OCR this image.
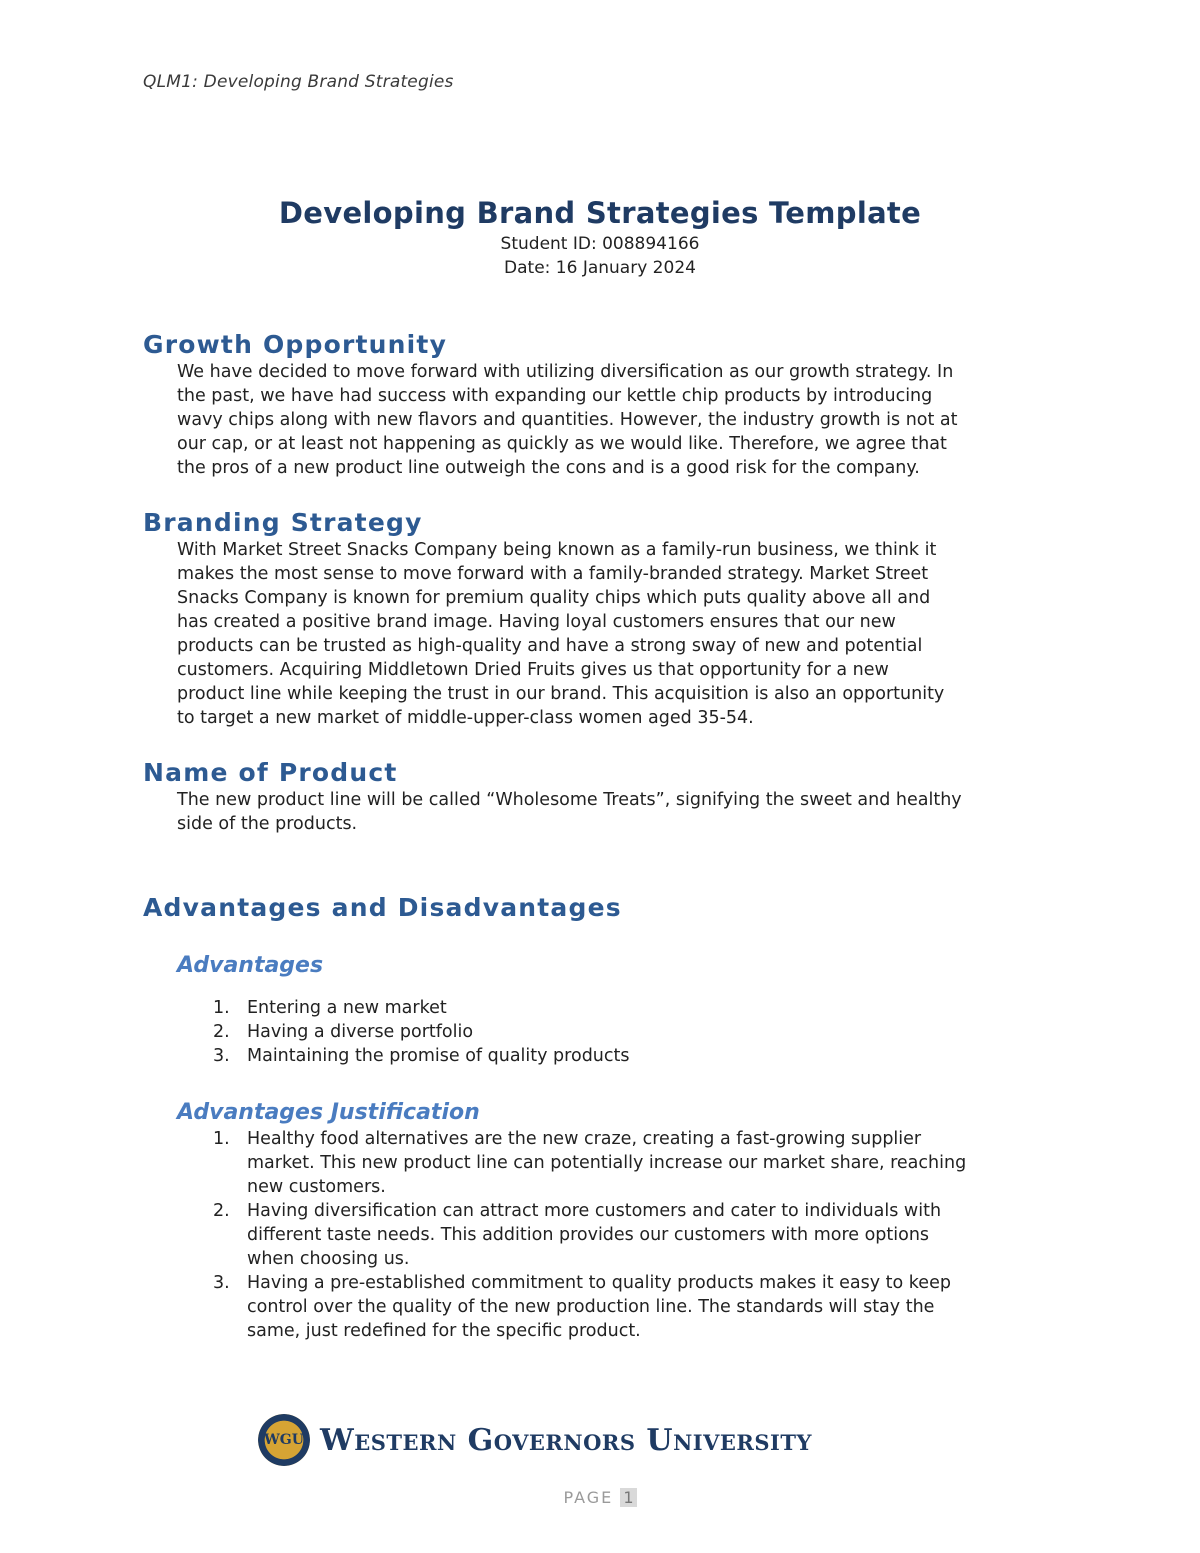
QLM1: Developing Brand Strategies
Developing Brand Strategies Template
Student ID: 008894166
Date: 16 January 2024
Growth Opportunity
We have decided to move forward with utilizing diversification as our growth strategy. In
the past, we have had success with expanding our kettle chip products by introducing
wavy chips along with new flavors and quantities. However, the industry growth is not at
our cap, or at least not happening as quickly as we would like. Therefore, we agree that
the pros of a new product line outweigh the cons and is a good risk for the company.
Branding Strategy
With Market Street Snacks Company being known as a family-run business, we think it
makes the most sense to move forward with a family-branded strategy. Market Street
Snacks Company is known for premium quality chips which puts quality above all and
has created a positive brand image. Having loyal customers ensures that our new
products can be trusted as high-quality and have a strong sway of new and potential
customers. Acquiring Middletown Dried Fruits gives us that opportunity for a new
product line while keeping the trust in our brand. This acquisition is also an opportunity
to target a new market of middle-upper-class women aged 35-54.
Name of Product
The new product line will be called “Wholesome Treats”, signifying the sweet and healthy
side of the products.
Advantages and Disadvantages
Advantages
1. Entering a new market
2. Having a diverse portfolio
3. Maintaining the promise of quality products
Advantages Justification
1. Healthy food alternatives are the new craze, creating a fast-growing supplier
market. This new product line can potentially increase our market share, reaching
new customers.
2. Having diversification can attract more customers and cater to individuals with
different taste needs. This addition provides our customers with more options
when choosing us.
3. Having a pre-established commitment to quality products makes it easy to keep
control over the quality of the new production line. The standards will stay the
same, just redefined for the specific product.
WGU Western Governors University
PAGE 1
